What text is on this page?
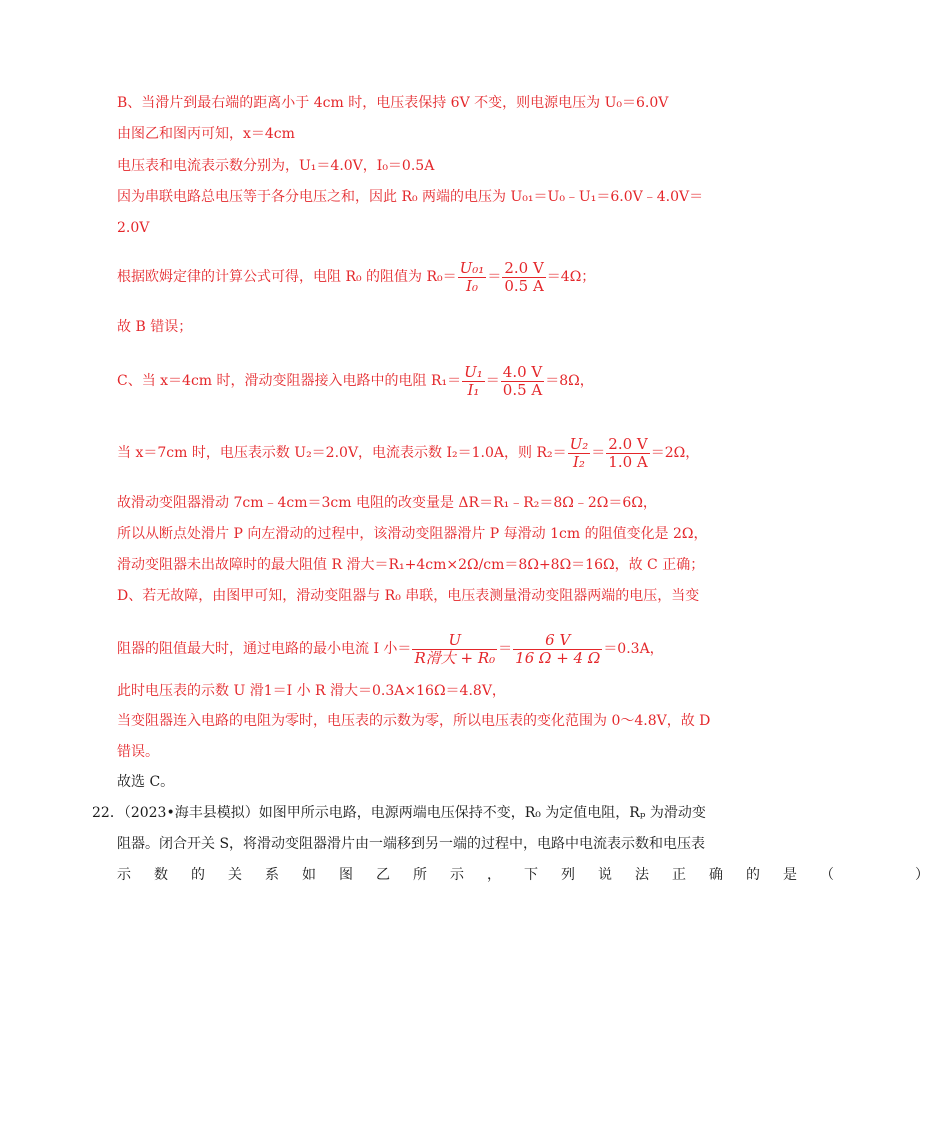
B、当滑片到最右端的距离小于 4cm 时，电压表保持 6V 不变，则电源电压为 U₀＝6.0V
由图乙和图丙可知，x＝4cm
电压表和电流表示数分别为，U₁＝4.0V，I₀＝0.5A
因为串联电路总电压等于各分电压之和，因此 R₀ 两端的电压为 U₀₁＝U₀﹣U₁＝6.0V﹣4.0V＝
2.0V
根据欧姆定律的计算公式可得，电阻 R₀ 的阻值为 $R_0= \frac{\text{U₀₁}}{\text{I₀}} = \frac{2.0 V}{0.5 A} =4\Omega$；
故 B 错误；
C、当 x＝4cm 时，滑动变阻器接入电路中的电阻 $R_1= \frac{\text{U₁}}{\text{I₁}} = \frac{4.0 V}{0.5 A} =8\Omega$，
当 x＝7cm 时，电压表示数 U₂＝2.0V，电流表示数 I₂＝1.0A，则 $R_2= \frac{\text{U₂}}{\text{I₂}} = \frac{2.0 V}{1.0 A} =2\Omega$，
故滑动变阻器滑动 7cm﹣4cm＝3cm 电阻的改变量是 ΔR＝R₁﹣R₂＝8Ω﹣2Ω＝6Ω，
所以从断点处滑片 P 向左滑动的过程中，该滑动变阻器滑片 P 每滑动 1cm 的阻值变化是 2Ω，
滑动变阻器未出故障时的最大阻值 R 滑大＝R₁+4cm×2Ω/cm＝8Ω+8Ω＝16Ω，故 C 正确；
D、若无故障，由图甲可知，滑动变阻器与 R₀ 串联，电压表测量滑动变阻器两端的电压，当变
阻器的阻值最大时，通过电路的最小电流 I 小＝ $\frac{U}{\text{R滑大 + R₀}} = \frac{6 V}{16 \Omega + 4 \Omega} =0.3A$，
此时电压表的示数 U 滑1＝I 小 R 滑大＝0.3A×16Ω＝4.8V，
当变阻器连入电路的电阻为零时，电压表的示数为零，所以电压表的变化范围为 0～4.8V，故 D
错误。
故选 C。
22．（2023•海丰县模拟）如图甲所示电路，电源两端电压保持不变，R₀ 为定值电阻，Rₚ 为滑动变
阻器。闭合开关 S，将滑动变阻器滑片由一端移到另一端的过程中，电路中电流表示数和电压表
示数的关系如图乙所示，下列说法正确的是（	）
